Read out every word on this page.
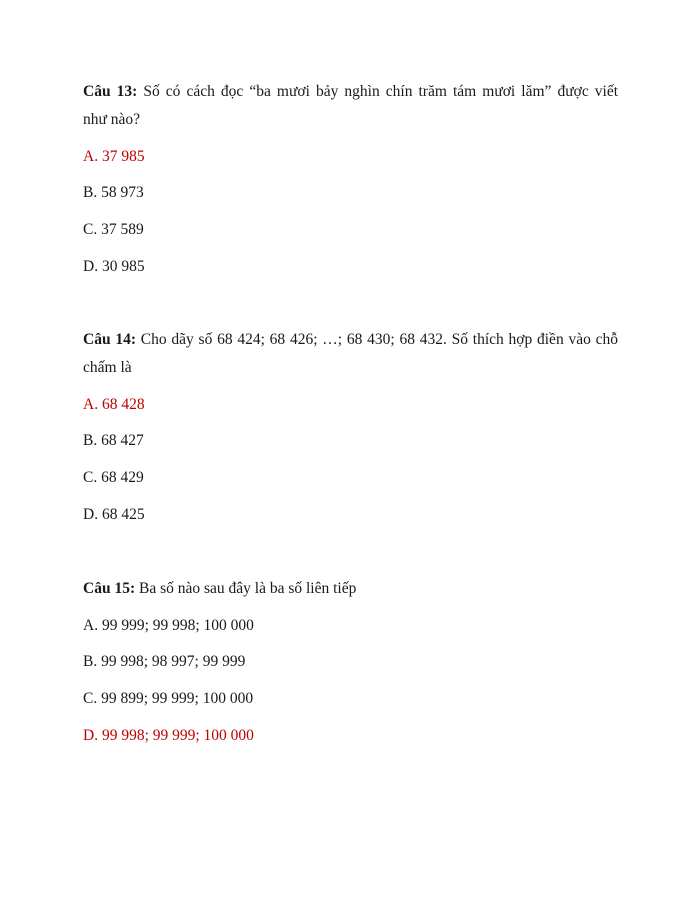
Câu 13: Số có cách đọc “ba mươi bảy nghìn chín trăm tám mươi lăm” được viết
như nào?
A. 37 985
B. 58 973
C. 37 589
D. 30 985
Câu 14: Cho dãy số 68 424; 68 426; …; 68 430; 68 432. Số thích hợp điền vào chỗ
chấm là
A. 68 428
B. 68 427
C. 68 429
D. 68 425
Câu 15: Ba số nào sau đây là ba số liên tiếp
A. 99 999; 99 998; 100 000
B. 99 998; 98 997; 99 999
C. 99 899; 99 999; 100 000
D. 99 998; 99 999; 100 000
